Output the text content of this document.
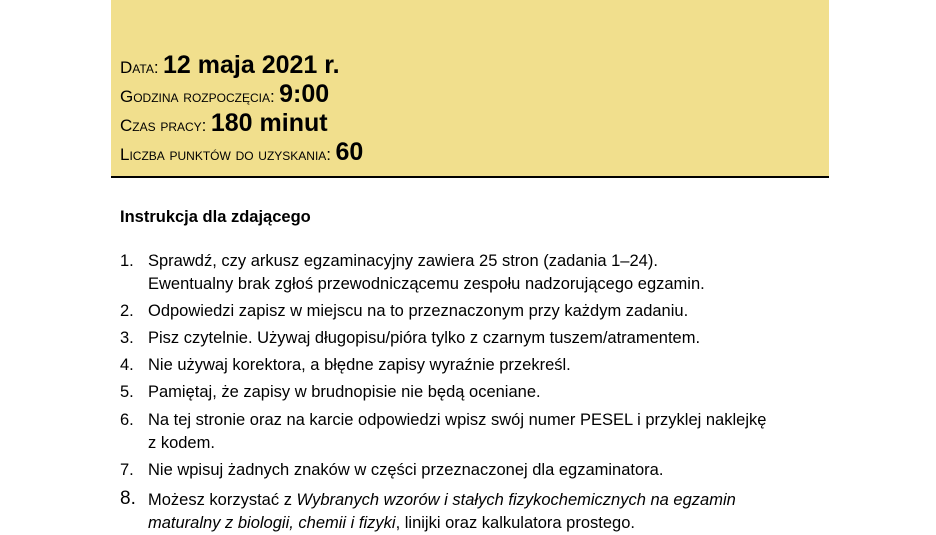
Data: 12 maja 2021 r.
Godzina rozpoczęcia: 9:00
Czas pracy: 180 minut
Liczba punktów do uzyskania: 60
Instrukcja dla zdającego
1. Sprawdź, czy arkusz egzaminacyjny zawiera 25 stron (zadania 1–24).
Ewentualny brak zgłoś przewodniczącemu zespołu nadzorującego egzamin.
2. Odpowiedzi zapisz w miejscu na to przeznaczonym przy każdym zadaniu.
3. Pisz czytelnie. Używaj długopisu/pióra tylko z czarnym tuszem/atramentem.
4. Nie używaj korektora, a błędne zapisy wyraźnie przekreśl.
5. Pamiętaj, że zapisy w brudnopisie nie będą oceniane.
6. Na tej stronie oraz na karcie odpowiedzi wpisz swój numer PESEL i przyklej naklejkę
z kodem.
7. Nie wpisuj żadnych znaków w części przeznaczonej dla egzaminatora.
8. Możesz korzystać z Wybranych wzorów i stałych fizykochemicznych na egzamin
maturalny z biologii, chemii i fizyki, linijki oraz kalkulatora prostego.
